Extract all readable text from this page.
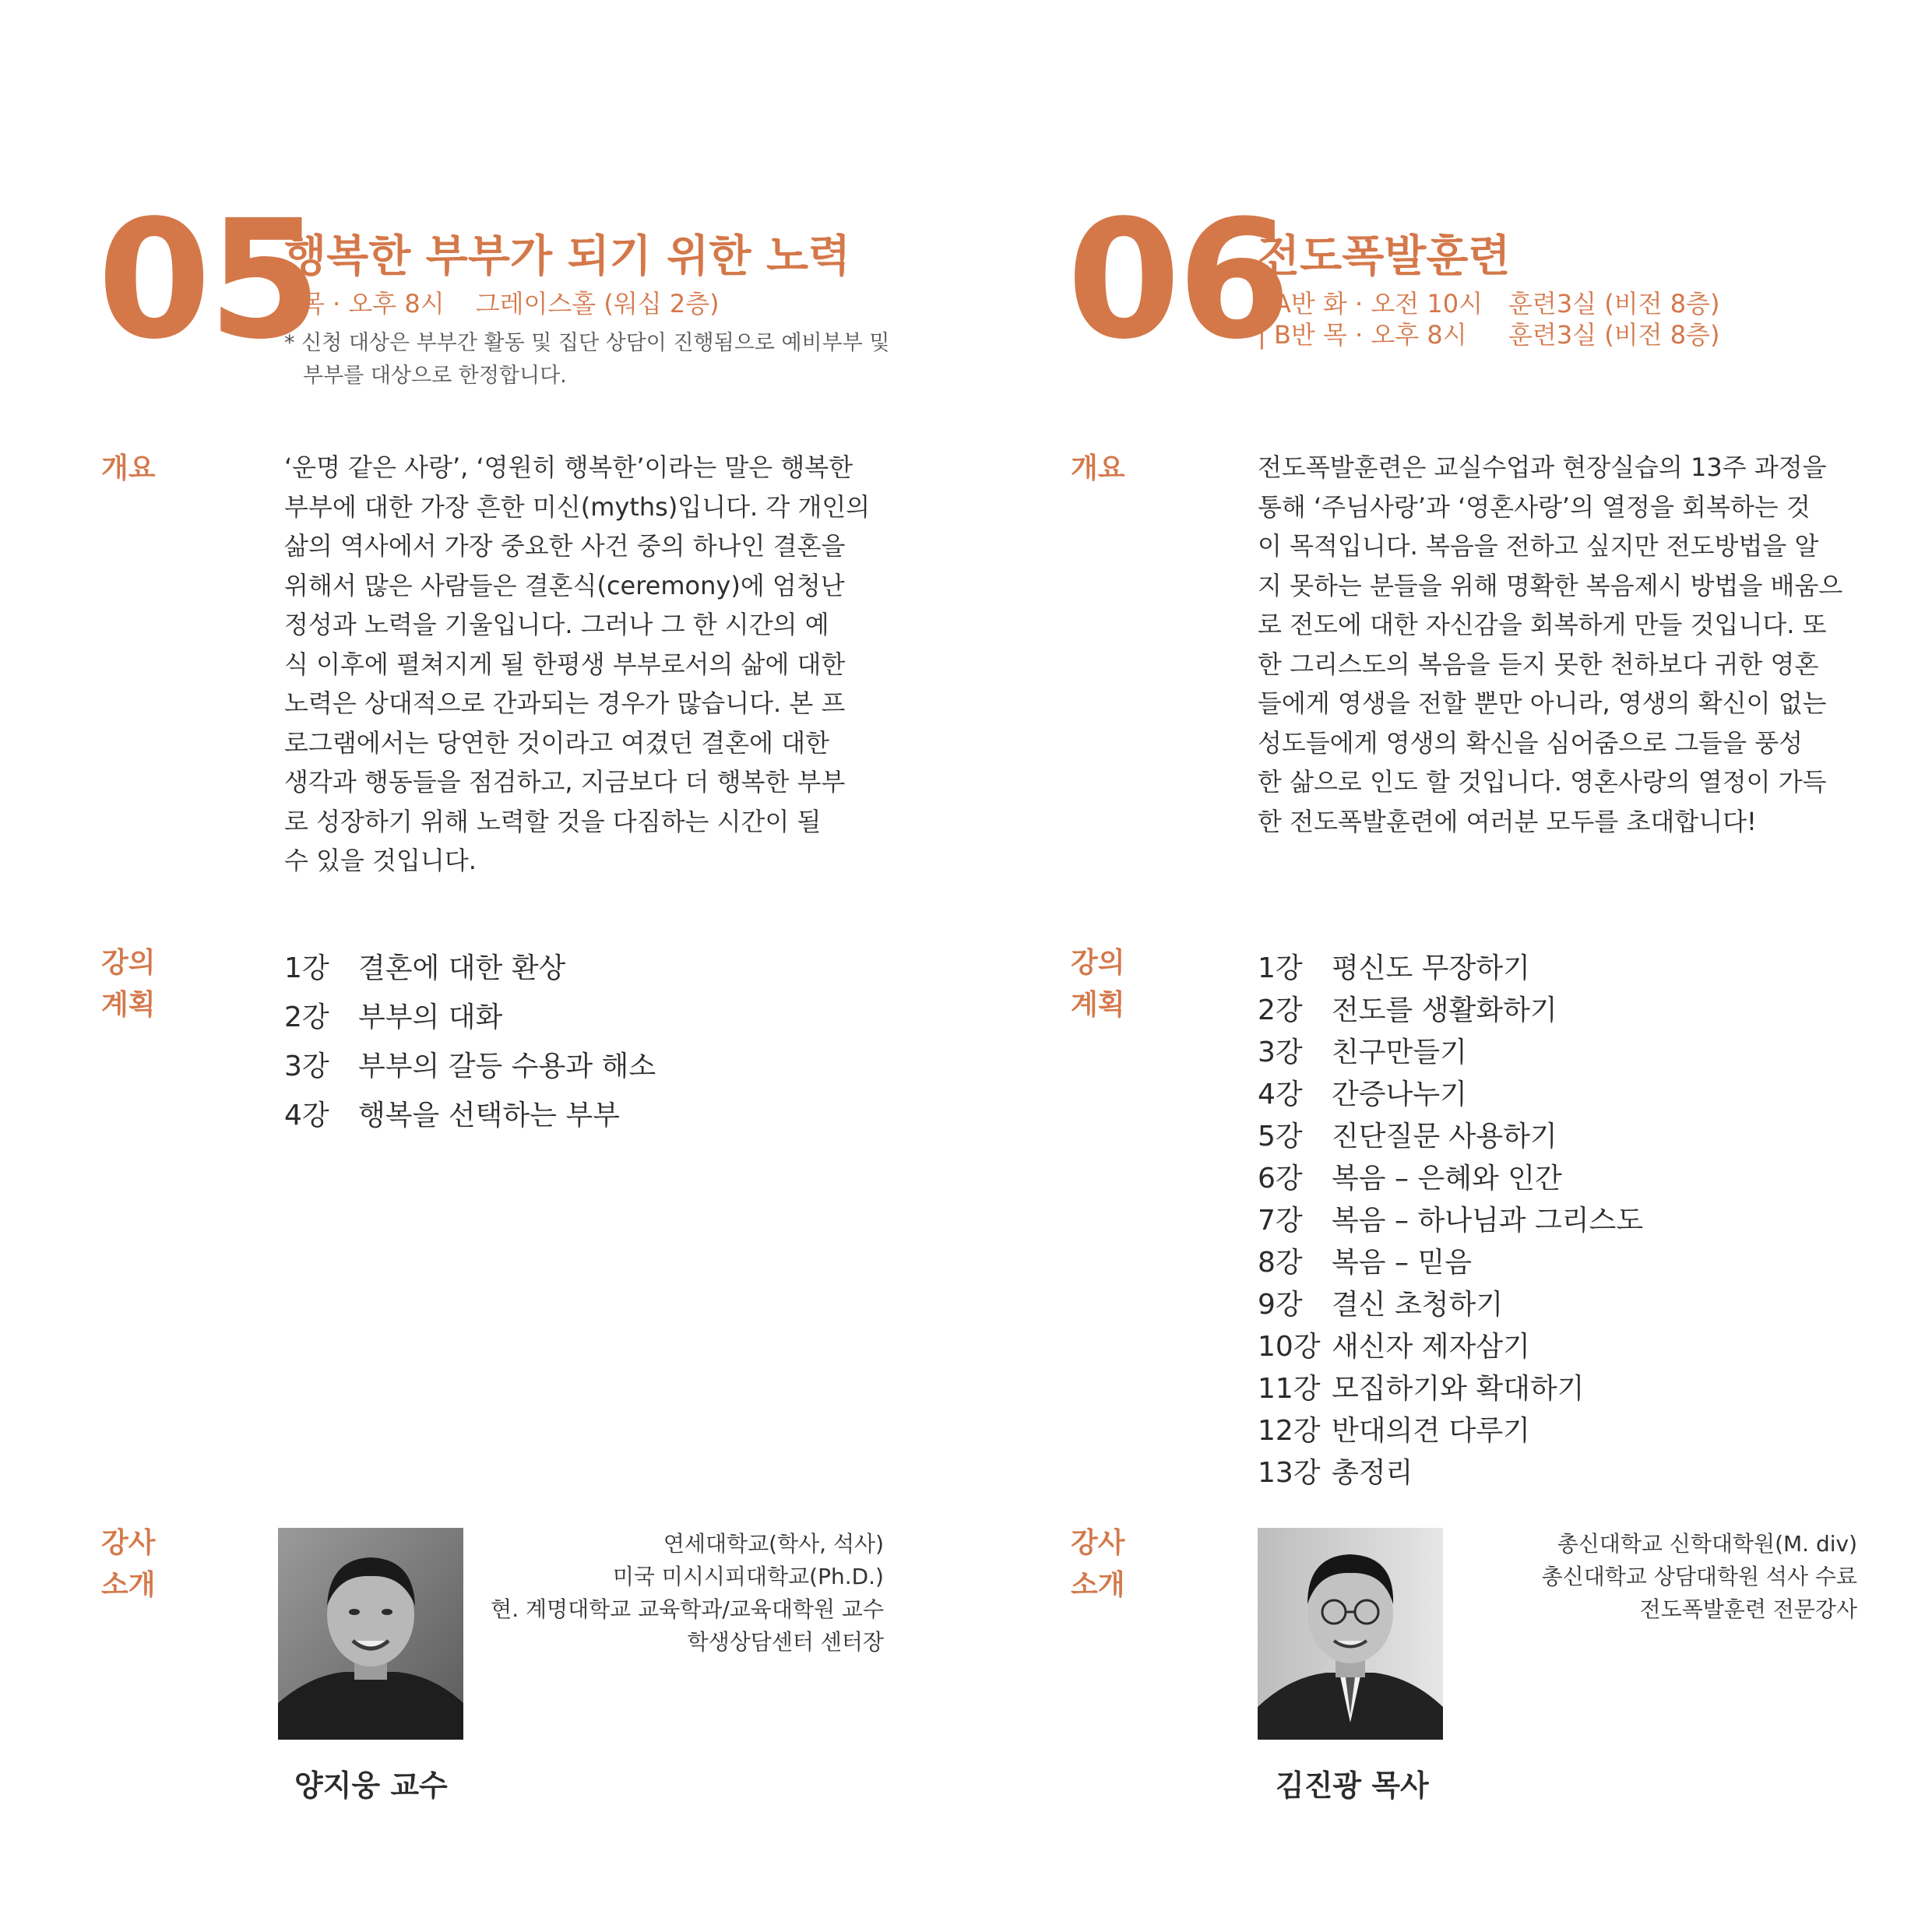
05
행복한 부부가 되기 위한 노력
| 목 · 오후 8시 그레이스홀 (워십 2층)
* 신청 대상은 부부간 활동 및 집단 상담이 진행됨으로 예비부부 및
부부를 대상으로 한정합니다.
개요	‘운명 같은 사랑’, ‘영원히 행복한’이라는 말은 행복한
부부에 대한 가장 흔한 미신(myths)입니다. 각 개인의
삶의 역사에서 가장 중요한 사건 중의 하나인 결혼을
위해서 많은 사람들은 결혼식(ceremony)에 엄청난
정성과 노력을 기울입니다. 그러나 그 한 시간의 예
식 이후에 펼쳐지게 될 한평생 부부로서의 삶에 대한
노력은 상대적으로 간과되는 경우가 많습니다. 본 프
로그램에서는 당연한 것이라고 여겼던 결혼에 대한
생각과 행동들을 점검하고, 지금보다 더 행복한 부부
로 성장하기 위해 노력할 것을 다짐하는 시간이 될
수 있을 것입니다.
강의
계획
1강 결혼에 대한 환상
2강 부부의 대화
3강 부부의 갈등 수용과 해소
4강 행복을 선택하는 부부
강사
소개
연세대학교(학사, 석사)
미국 미시시피대학교(Ph.D.)
현. 계명대학교 교육학과/교육대학원 교수
학생상담센터 센터장
양지웅 교수
06
전도폭발훈련
| A반 화 · 오전 10시 훈련3실 (비전 8층)
| B반 목 · 오후 8시 훈련3실 (비전 8층)
개요	전도폭발훈련은 교실수업과 현장실습의 13주 과정을
통해 ‘주님사랑’과 ‘영혼사랑’의 열정을 회복하는 것
이 목적입니다. 복음을 전하고 싶지만 전도방법을 알
지 못하는 분들을 위해 명확한 복음제시 방법을 배움으
로 전도에 대한 자신감을 회복하게 만들 것입니다. 또
한 그리스도의 복음을 듣지 못한 천하보다 귀한 영혼
들에게 영생을 전할 뿐만 아니라, 영생의 확신이 없는
성도들에게 영생의 확신을 심어줌으로 그들을 풍성
한 삶으로 인도 할 것입니다. 영혼사랑의 열정이 가득
한 전도폭발훈련에 여러분 모두를 초대합니다!
강의
계획
1강 평신도 무장하기
2강 전도를 생활화하기
3강 친구만들기
4강 간증나누기
5강 진단질문 사용하기
6강 복음 – 은혜와 인간
7강 복음 – 하나님과 그리스도
8강 복음 – 믿음
9강 결신 초청하기
10강 새신자 제자삼기
11강 모집하기와 확대하기
12강 반대의견 다루기
13강 총정리
강사
소개
총신대학교 신학대학원(M. div)
총신대학교 상담대학원 석사 수료
전도폭발훈련 전문강사
김진광 목사
